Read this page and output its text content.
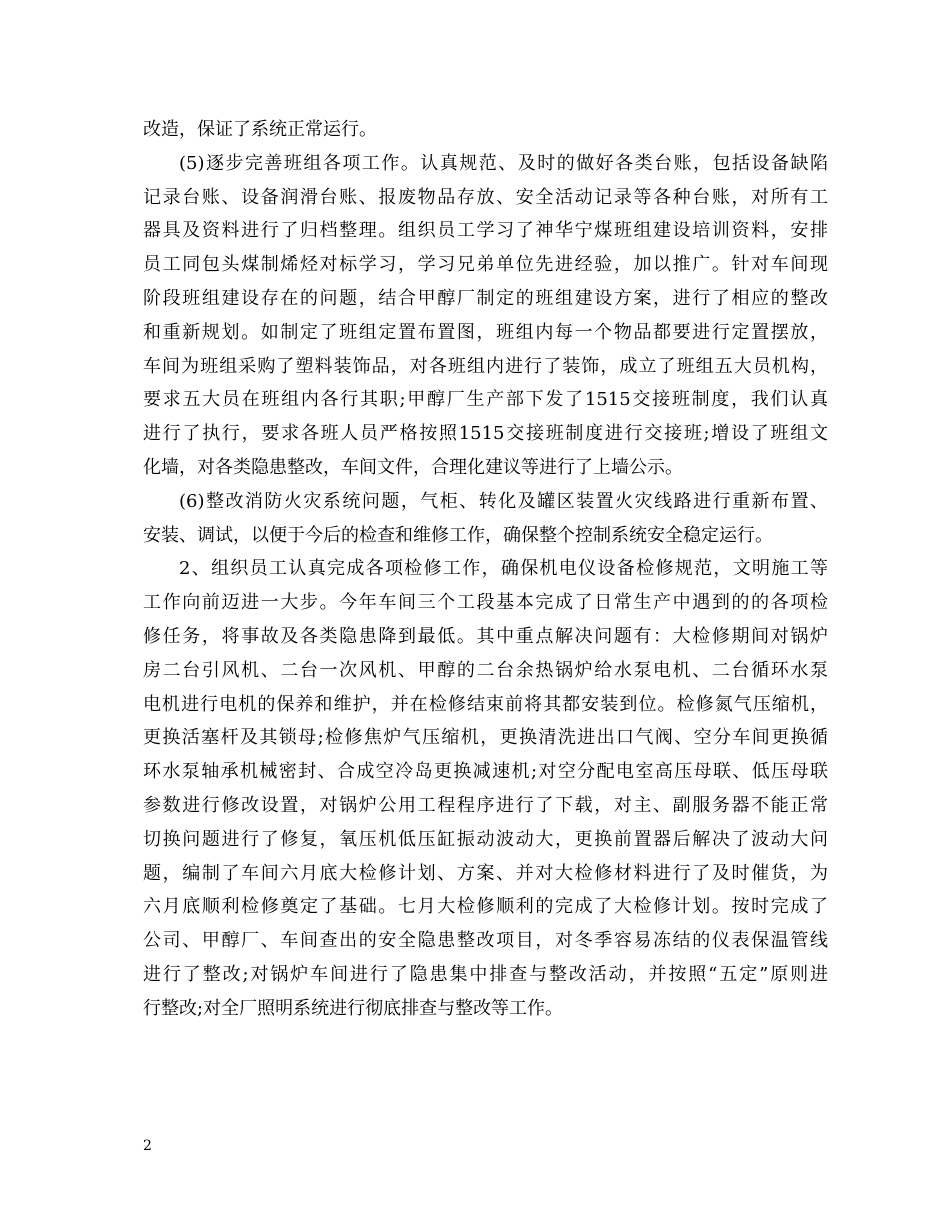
改造，保证了系统正常运行。
(5)逐步完善班组各项工作。认真规范、及时的做好各类台账，包括设备缺陷
记录台账、设备润滑台账、报废物品存放、安全活动记录等各种台账，对所有工
器具及资料进行了归档整理。组织员工学习了神华宁煤班组建设培训资料，安排
员工同包头煤制烯烃对标学习，学习兄弟单位先进经验，加以推广。针对车间现
阶段班组建设存在的问题，结合甲醇厂制定的班组建设方案，进行了相应的整改
和重新规划。如制定了班组定置布置图，班组内每一个物品都要进行定置摆放，
车间为班组采购了塑料装饰品，对各班组内进行了装饰，成立了班组五大员机构，
要求五大员在班组内各行其职;甲醇厂生产部下发了1515交接班制度，我们认真
进行了执行，要求各班人员严格按照1515交接班制度进行交接班;增设了班组文
化墙，对各类隐患整改，车间文件，合理化建议等进行了上墙公示。
(6)整改消防火灾系统问题，气柜、转化及罐区装置火灾线路进行重新布置、
安装、调试，以便于今后的检查和维修工作，确保整个控制系统安全稳定运行。
2、组织员工认真完成各项检修工作，确保机电仪设备检修规范，文明施工等
工作向前迈进一大步。今年车间三个工段基本完成了日常生产中遇到的的各项检
修任务，将事故及各类隐患降到最低。其中重点解决问题有：大检修期间对锅炉
房二台引风机、二台一次风机、甲醇的二台余热锅炉给水泵电机、二台循环水泵
电机进行电机的保养和维护，并在检修结束前将其都安装到位。检修氮气压缩机，
更换活塞杆及其锁母;检修焦炉气压缩机，更换清洗进出口气阀、空分车间更换循
环水泵轴承机械密封、合成空冷岛更换减速机;对空分配电室高压母联、低压母联
参数进行修改设置，对锅炉公用工程程序进行了下载，对主、副服务器不能正常
切换问题进行了修复，氧压机低压缸振动波动大，更换前置器后解决了波动大问
题，编制了车间六月底大检修计划、方案、并对大检修材料进行了及时催货，为
六月底顺利检修奠定了基础。七月大检修顺利的完成了大检修计划。按时完成了
公司、甲醇厂、车间查出的安全隐患整改项目，对冬季容易冻结的仪表保温管线
进行了整改;对锅炉车间进行了隐患集中排查与整改活动，并按照“五定”原则进
行整改;对全厂照明系统进行彻底排查与整改等工作。
2
